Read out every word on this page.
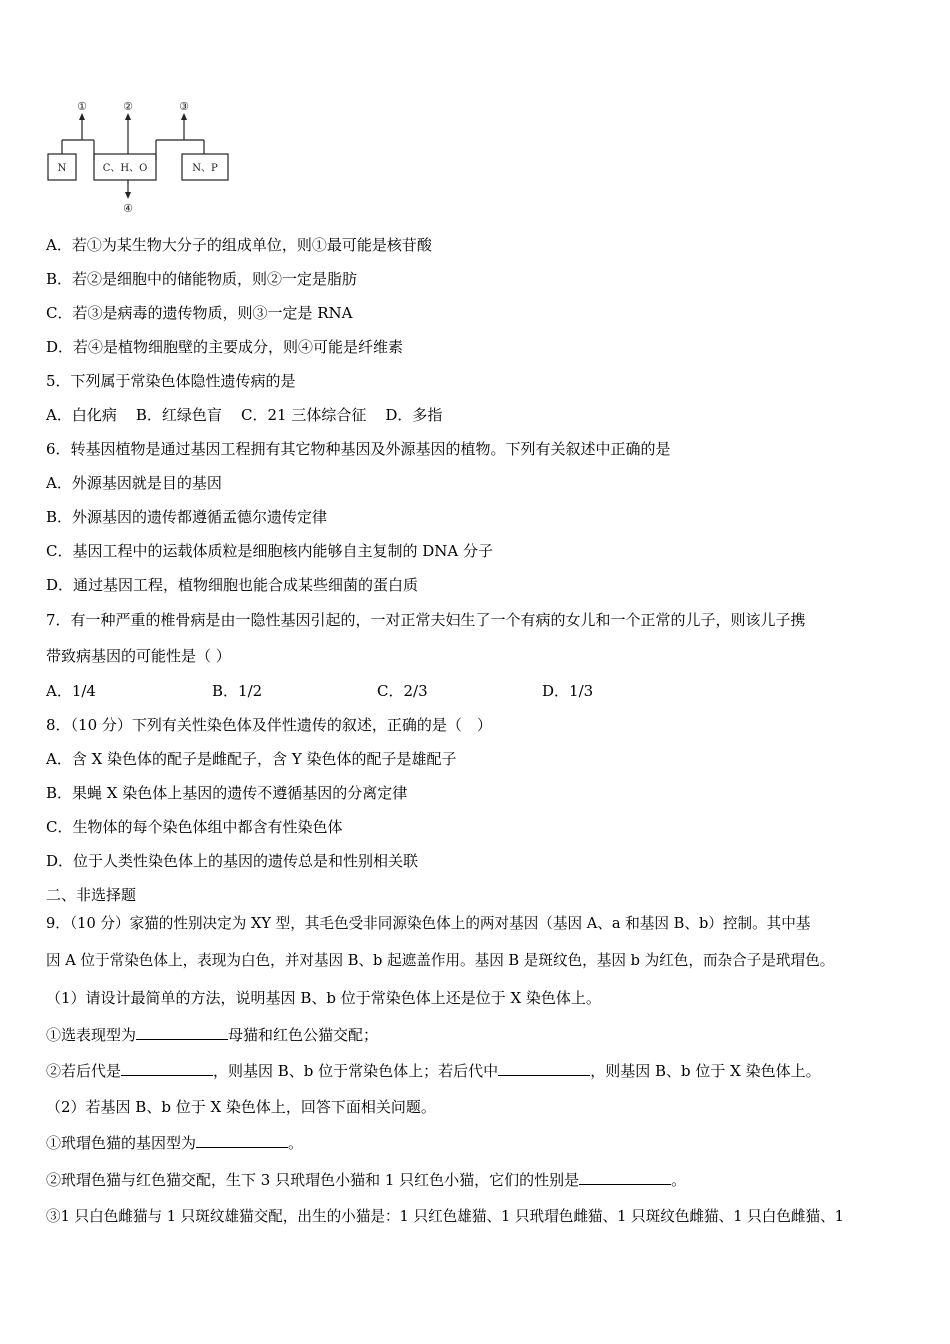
①	②	③
④
N	C、H、O	N、P
A．若①为某生物大分子的组成单位，则①最可能是核苷酸
B．若②是细胞中的储能物质，则②一定是脂肪
C．若③是病毒的遗传物质，则③一定是 RNA
D．若④是植物细胞壁的主要成分，则④可能是纤维素
5．下列属于常染色体隐性遗传病的是
A．白化病    B．红绿色盲    C．21 三体综合征    D．多指
6．转基因植物是通过基因工程拥有其它物种基因及外源基因的植物。下列有关叙述中正确的是
A．外源基因就是目的基因
B．外源基因的遗传都遵循孟德尔遗传定律
C．基因工程中的运载体质粒是细胞核内能够自主复制的 DNA 分子
D．通过基因工程，植物细胞也能合成某些细菌的蛋白质
7．有一种严重的椎骨病是由一隐性基因引起的，一对正常夫妇生了一个有病的女儿和一个正常的儿子，则该儿子携
带致病基因的可能性是（ ）
A．1/4	B．1/2	C．2/3	D．1/3
8．（10 分）下列有关性染色体及伴性遗传的叙述，正确的是（　）
A．含 X 染色体的配子是雌配子，含 Y 染色体的配子是雄配子
B．果蝇 X 染色体上基因的遗传不遵循基因的分离定律
C．生物体的每个染色体组中都含有性染色体
D．位于人类性染色体上的基因的遗传总是和性别相关联
二、非选择题
9．（10 分）家猫的性别决定为 XY 型，其毛色受非同源染色体上的两对基因（基因 A、a 和基因 B、b）控制。其中基
因 A 位于常染色体上，表现为白色，并对基因 B、b 起遮盖作用。基因 B 是斑纹色，基因 b 为红色，而杂合子是玳瑁色。
（1）请设计最简单的方法，说明基因 B、b 位于常染色体上还是位于 X 染色体上。
①选表现型为	母猫和红色公猫交配；
②若后代是	，则基因 B、b 位于常染色体上；若后代中	，则基因 B、b 位于 X 染色体上。
（2）若基因 B、b 位于 X 染色体上，回答下面相关问题。
①玳瑁色猫的基因型为	。
②玳瑁色猫与红色猫交配，生下 3 只玳瑁色小猫和 1 只红色小猫，它们的性别是	。
③1 只白色雌猫与 1 只斑纹雄猫交配，出生的小猫是：1 只红色雄猫、1 只玳瑁色雌猫、1 只斑纹色雌猫、1 只白色雌猫、1
